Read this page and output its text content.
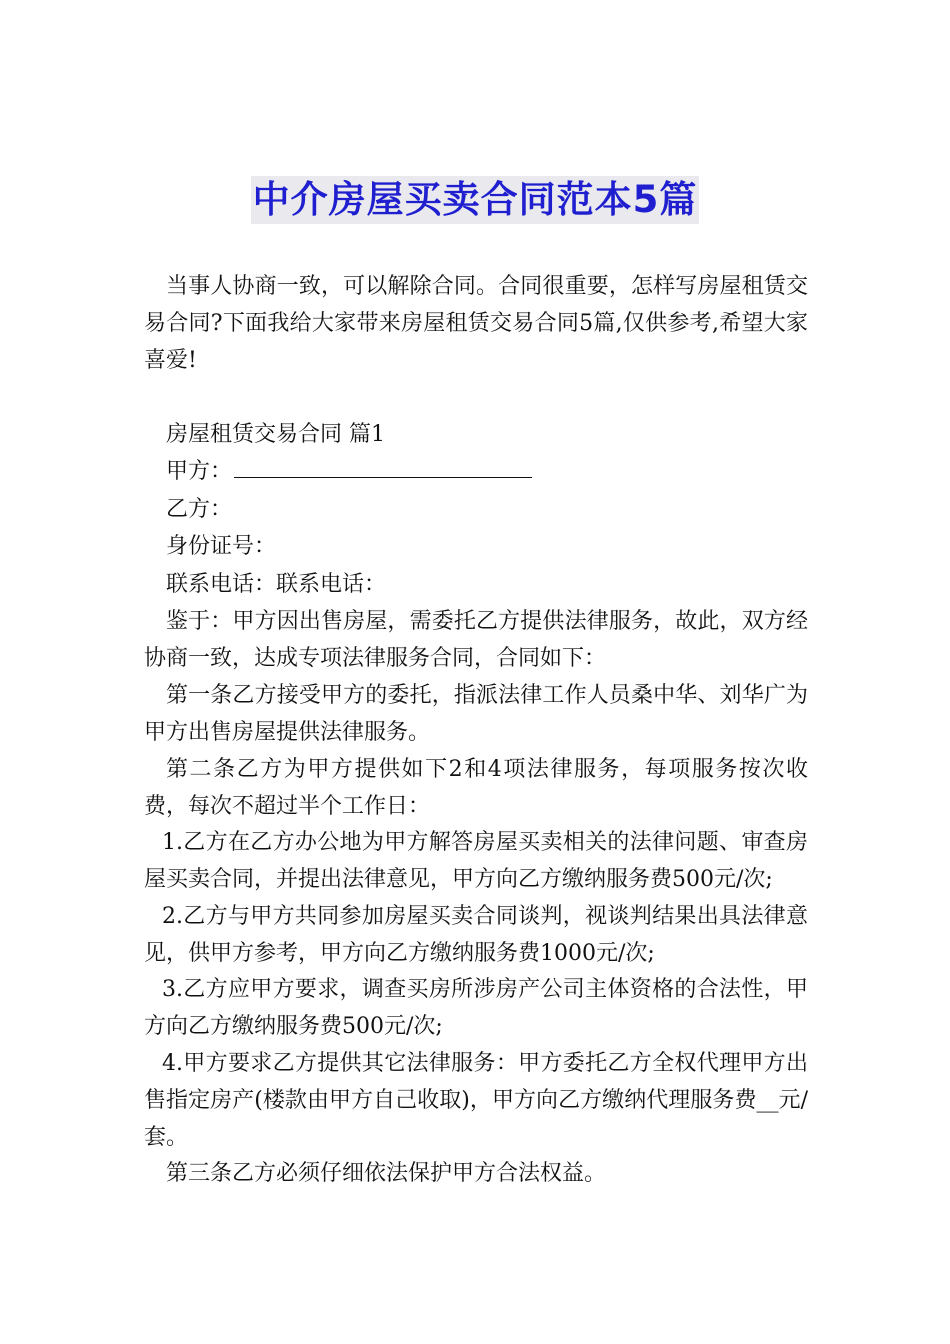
中介房屋买卖合同范本5篇

当事人协商一致，可以解除合同。合同很重要，怎样写房屋租赁交易合同?下面我给大家带来房屋租赁交易合同5篇,仅供参考,希望大家喜爱!

房屋租赁交易合同 篇1

甲方：

乙方：

身份证号：

联系电话：联系电话：

鉴于：甲方因出售房屋，需委托乙方提供法律服务，故此，双方经协商一致，达成专项法律服务合同，合同如下：

第一条乙方接受甲方的委托，指派法律工作人员桑中华、刘华广为甲方出售房屋提供法律服务。

第二条乙方为甲方提供如下2和4项法律服务，每项服务按次收费，每次不超过半个工作日：

1.乙方在乙方办公地为甲方解答房屋买卖相关的法律问题、审查房屋买卖合同，并提出法律意见，甲方向乙方缴纳服务费500元/次;

2.乙方与甲方共同参加房屋买卖合同谈判，视谈判结果出具法律意见，供甲方参考，甲方向乙方缴纳服务费1000元/次;

3.乙方应甲方要求，调查买房所涉房产公司主体资格的合法性，甲方向乙方缴纳服务费500元/次;

4.甲方要求乙方提供其它法律服务：甲方委托乙方全权代理甲方出售指定房产(楼款由甲方自己收取)，甲方向乙方缴纳代理服务费__元/套。

第三条乙方必须仔细依法保护甲方合法权益。
